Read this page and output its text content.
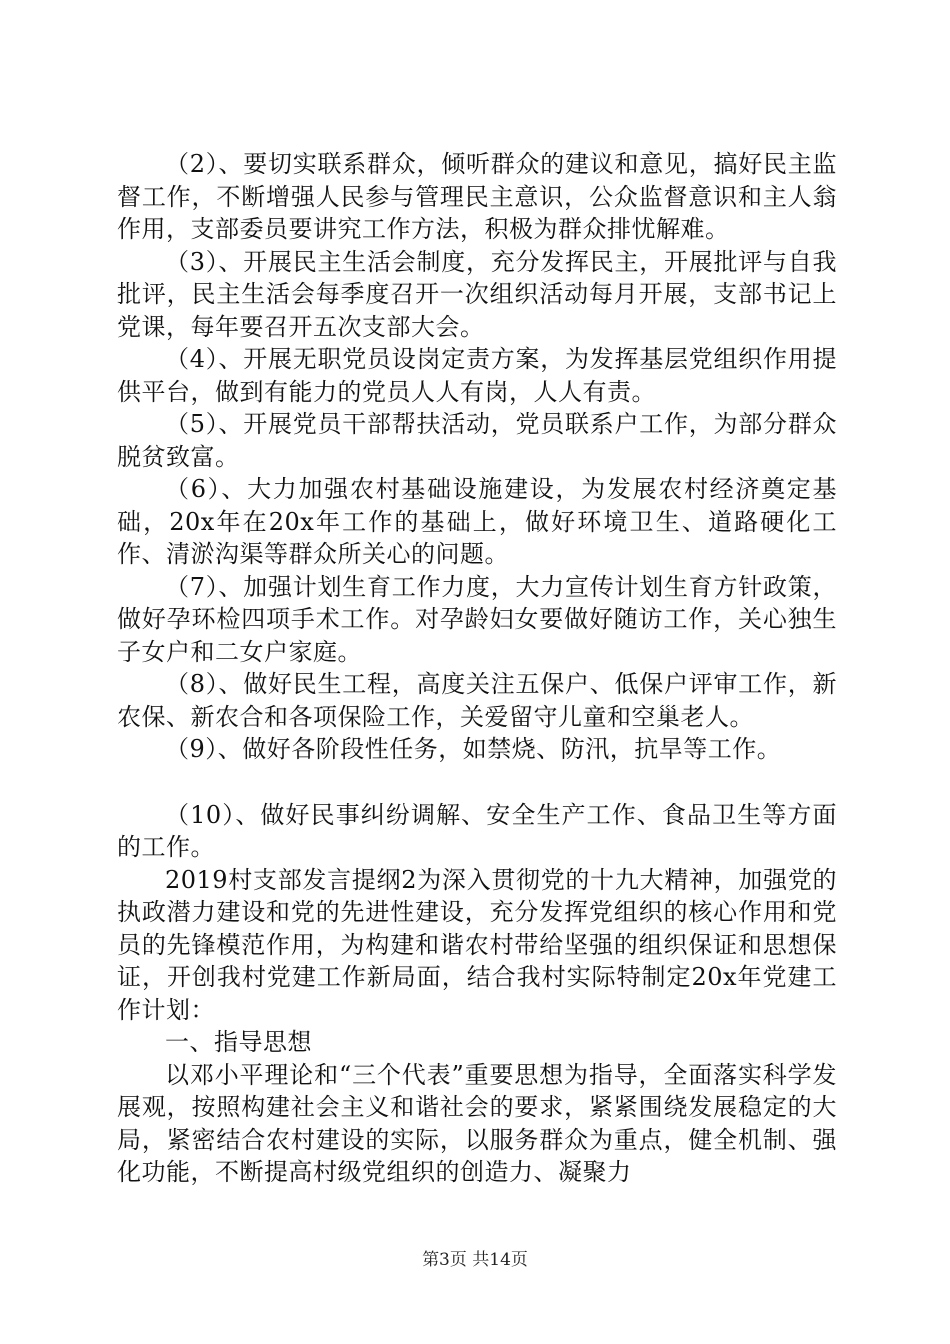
（2）、要切实联系群众，倾听群众的建议和意见，搞好民主监督工作，不断增强人民参与管理民主意识，公众监督意识和主人翁作用，支部委员要讲究工作方法，积极为群众排忧解难。

（3）、开展民主生活会制度，充分发挥民主，开展批评与自我批评，民主生活会每季度召开一次组织活动每月开展，支部书记上党课，每年要召开五次支部大会。

（4）、开展无职党员设岗定责方案，为发挥基层党组织作用提供平台，做到有能力的党员人人有岗，人人有责。

（5）、开展党员干部帮扶活动，党员联系户工作，为部分群众脱贫致富。

（6）、大力加强农村基础设施建设，为发展农村经济奠定基础，20x年在20x年工作的基础上，做好环境卫生、道路硬化工作、清淤沟渠等群众所关心的问题。

（7）、加强计划生育工作力度，大力宣传计划生育方针政策，做好孕环检四项手术工作。对孕龄妇女要做好随访工作，关心独生子女户和二女户家庭。

（8）、做好民生工程，高度关注五保户、低保户评审工作，新农保、新农合和各项保险工作，关爱留守儿童和空巢老人。

（9）、做好各阶段性任务，如禁烧、防汛，抗旱等工作。

（10）、做好民事纠纷调解、安全生产工作、食品卫生等方面的工作。

2019村支部发言提纲2为深入贯彻党的十九大精神，加强党的执政潜力建设和党的先进性建设，充分发挥党组织的核心作用和党员的先锋模范作用，为构建和谐农村带给坚强的组织保证和思想保证，开创我村党建工作新局面，结合我村实际特制定20x年党建工作计划：

一、指导思想

以邓小平理论和“三个代表”重要思想为指导，全面落实科学发展观，按照构建社会主义和谐社会的要求，紧紧围绕发展稳定的大局，紧密结合农村建设的实际，以服务群众为重点，健全机制、强化功能，不断提高村级党组织的创造力、凝聚力

第3页 共14页
